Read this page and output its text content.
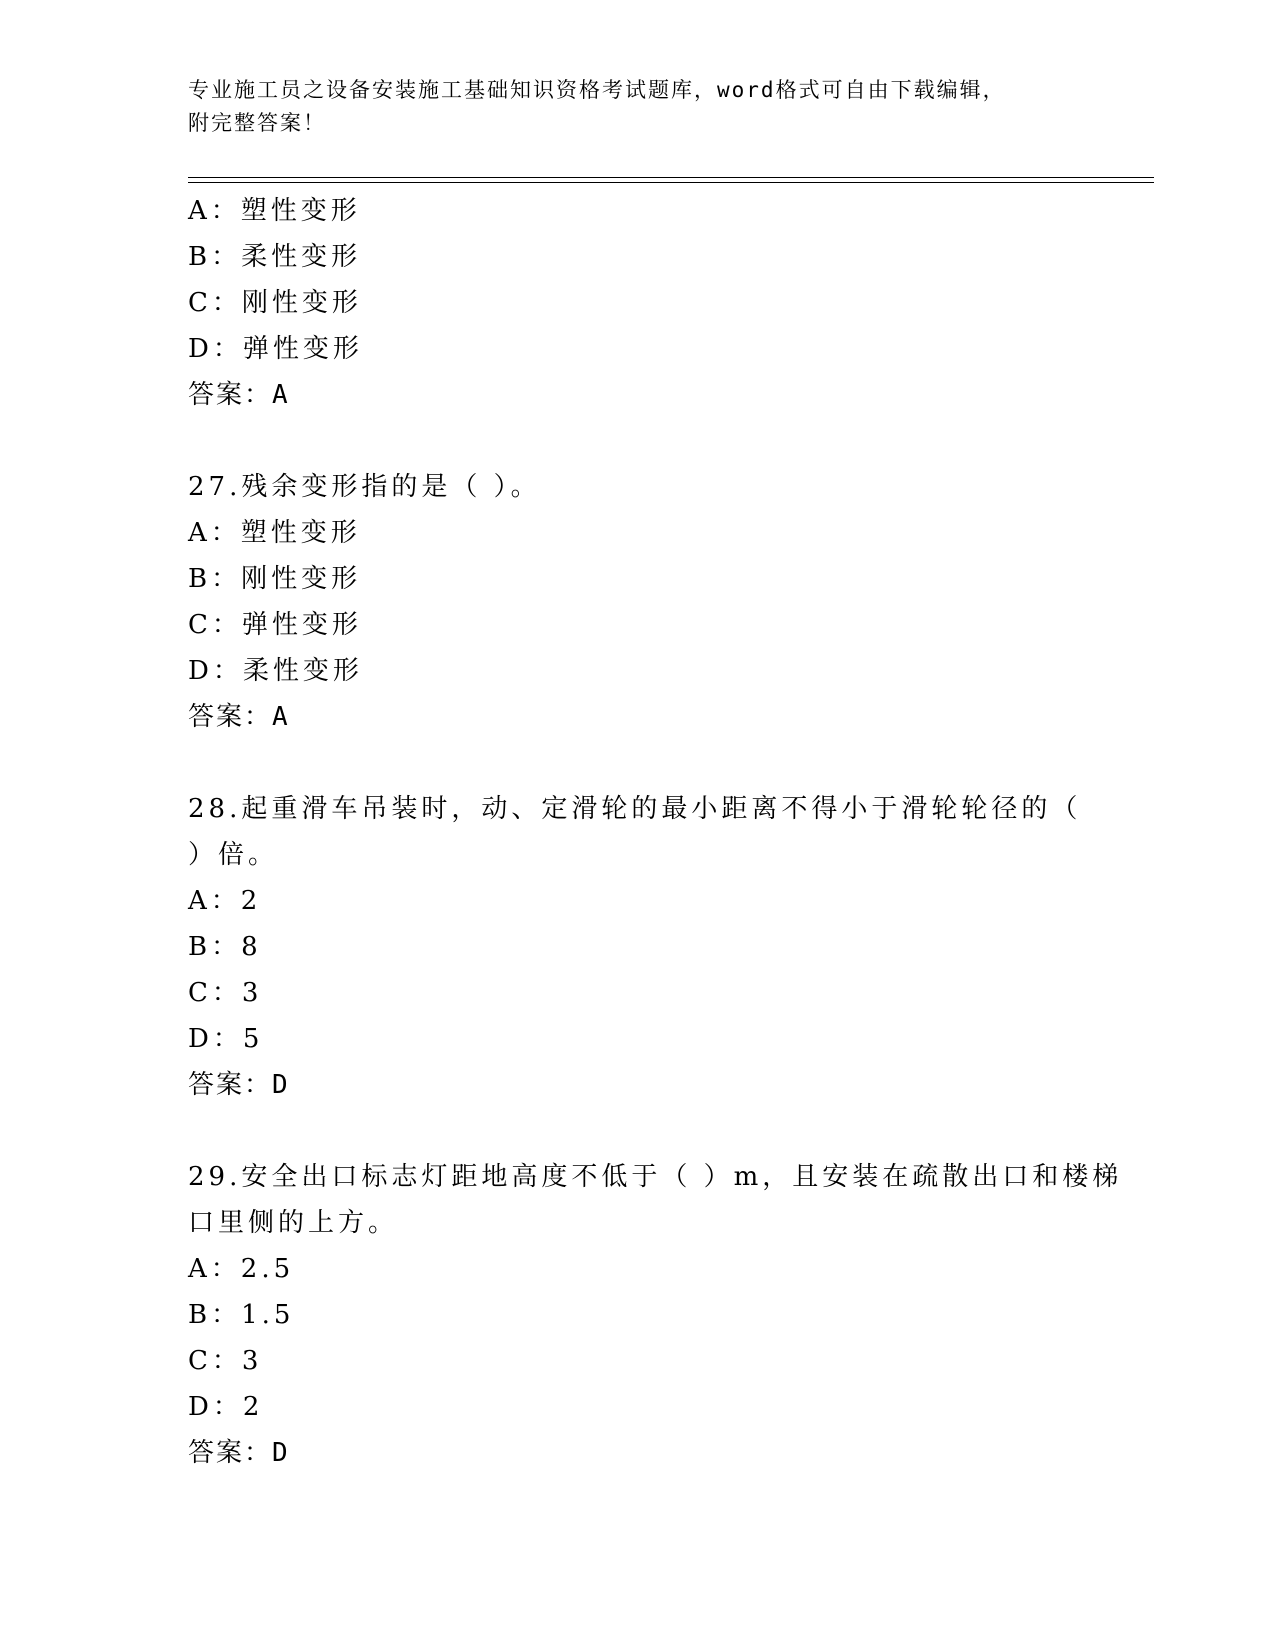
专业施工员之设备安装施工基础知识资格考试题库，word格式可自由下载编辑，
附完整答案！
A：塑性变形
B：柔性变形
C：刚性变形
D：弹性变形
答案：A
27.残余变形指的是（ ）。
A：塑性变形
B：刚性变形
C：弹性变形
D：柔性变形
答案：A
28.起重滑车吊装时，动、定滑轮的最小距离不得小于滑轮轮径的（
）倍。
A：2
B：8
C：3
D：5
答案：D
29.安全出口标志灯距地高度不低于（ ）m，且安装在疏散出口和楼梯
口里侧的上方。
A：2.5
B：1.5
C：3
D：2
答案：D
